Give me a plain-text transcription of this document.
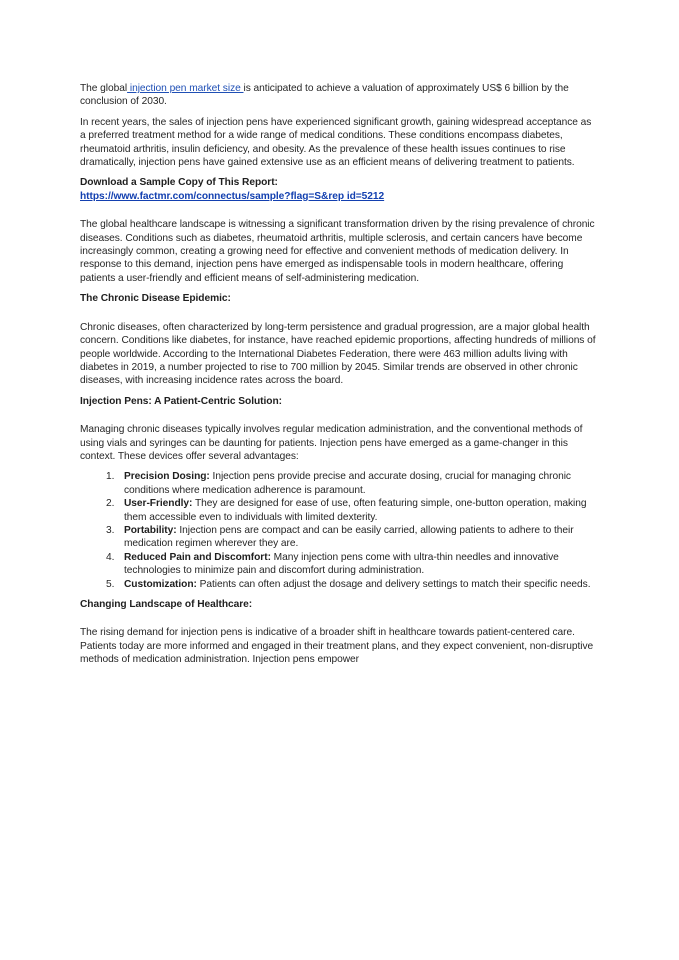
The global injection pen market size is anticipated to achieve a valuation of approximately US$ 6 billion by the conclusion of 2030.

In recent years, the sales of injection pens have experienced significant growth, gaining widespread acceptance as a preferred treatment method for a wide range of medical conditions. These conditions encompass diabetes, rheumatoid arthritis, insulin deficiency, and obesity. As the prevalence of these health issues continues to rise dramatically, injection pens have gained extensive use as an efficient means of delivering treatment to patients.

Download a Sample Copy of This Report:

https://www.factmr.com/connectus/sample?flag=S&rep id=5212

The global healthcare landscape is witnessing a significant transformation driven by the rising prevalence of chronic diseases. Conditions such as diabetes, rheumatoid arthritis, multiple sclerosis, and certain cancers have become increasingly common, creating a growing need for effective and convenient methods of medication delivery. In response to this demand, injection pens have emerged as indispensable tools in modern healthcare, offering patients a user-friendly and efficient means of self-administering medication.

The Chronic Disease Epidemic:

Chronic diseases, often characterized by long-term persistence and gradual progression, are a major global health concern. Conditions like diabetes, for instance, have reached epidemic proportions, affecting hundreds of millions of people worldwide. According to the International Diabetes Federation, there were 463 million adults living with diabetes in 2019, a number projected to rise to 700 million by 2045. Similar trends are observed in other chronic diseases, with increasing incidence rates across the board.

Injection Pens: A Patient-Centric Solution:

Managing chronic diseases typically involves regular medication administration, and the conventional methods of using vials and syringes can be daunting for patients. Injection pens have emerged as a game-changer in this context. These devices offer several advantages:

1. Precision Dosing: Injection pens provide precise and accurate dosing, crucial for managing chronic conditions where medication adherence is paramount.
2. User-Friendly: They are designed for ease of use, often featuring simple, one-button operation, making them accessible even to individuals with limited dexterity.
3. Portability: Injection pens are compact and can be easily carried, allowing patients to adhere to their medication regimen wherever they are.
4. Reduced Pain and Discomfort: Many injection pens come with ultra-thin needles and innovative technologies to minimize pain and discomfort during administration.
5. Customization: Patients can often adjust the dosage and delivery settings to match their specific needs.

Changing Landscape of Healthcare:

The rising demand for injection pens is indicative of a broader shift in healthcare towards patient-centered care. Patients today are more informed and engaged in their treatment plans, and they expect convenient, non-disruptive methods of medication administration. Injection pens empower
